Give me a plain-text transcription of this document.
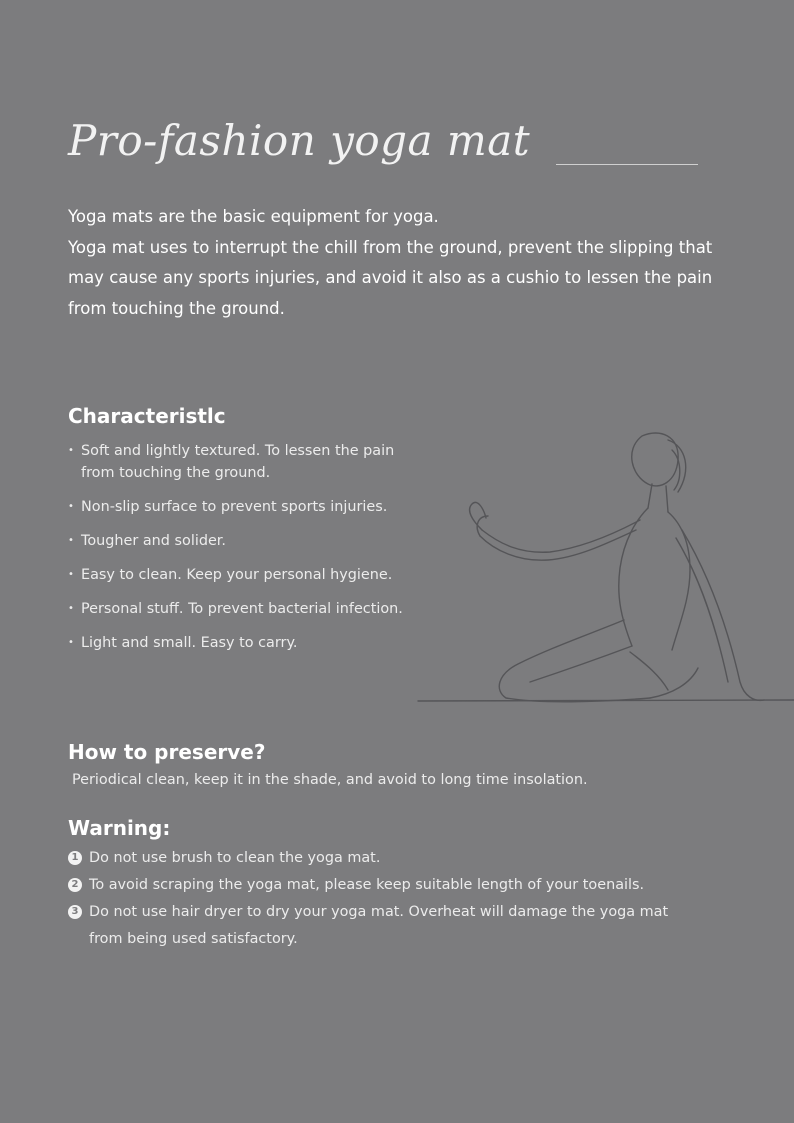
Pro-fashion yoga mat

Yoga mats are the basic equipment for yoga.

Yoga mat uses to interrupt the chill from the ground, prevent the slipping that may cause any sports injuries, and avoid it also as a cushio to lessen the pain from touching the ground.

Characteristlc
• Soft and lightly textured. To lessen the pain from touching the ground.
• Non-slip surface to prevent sports injuries.
• Tougher and solider.
• Easy to clean. Keep your personal hygiene.
• Personal stuff. To prevent bacterial infection.
• Light and small. Easy to carry.
How to preserve?
Periodical clean, keep it in the shade, and avoid to long time insolation.
Warning:
1 Do not use brush to clean the yoga mat.
2 To avoid scraping the yoga mat, please keep suitable length of your toenails.
3 Do not use hair dryer to dry your yoga mat. Overheat will damage the yoga mat from being used satisfactory.
